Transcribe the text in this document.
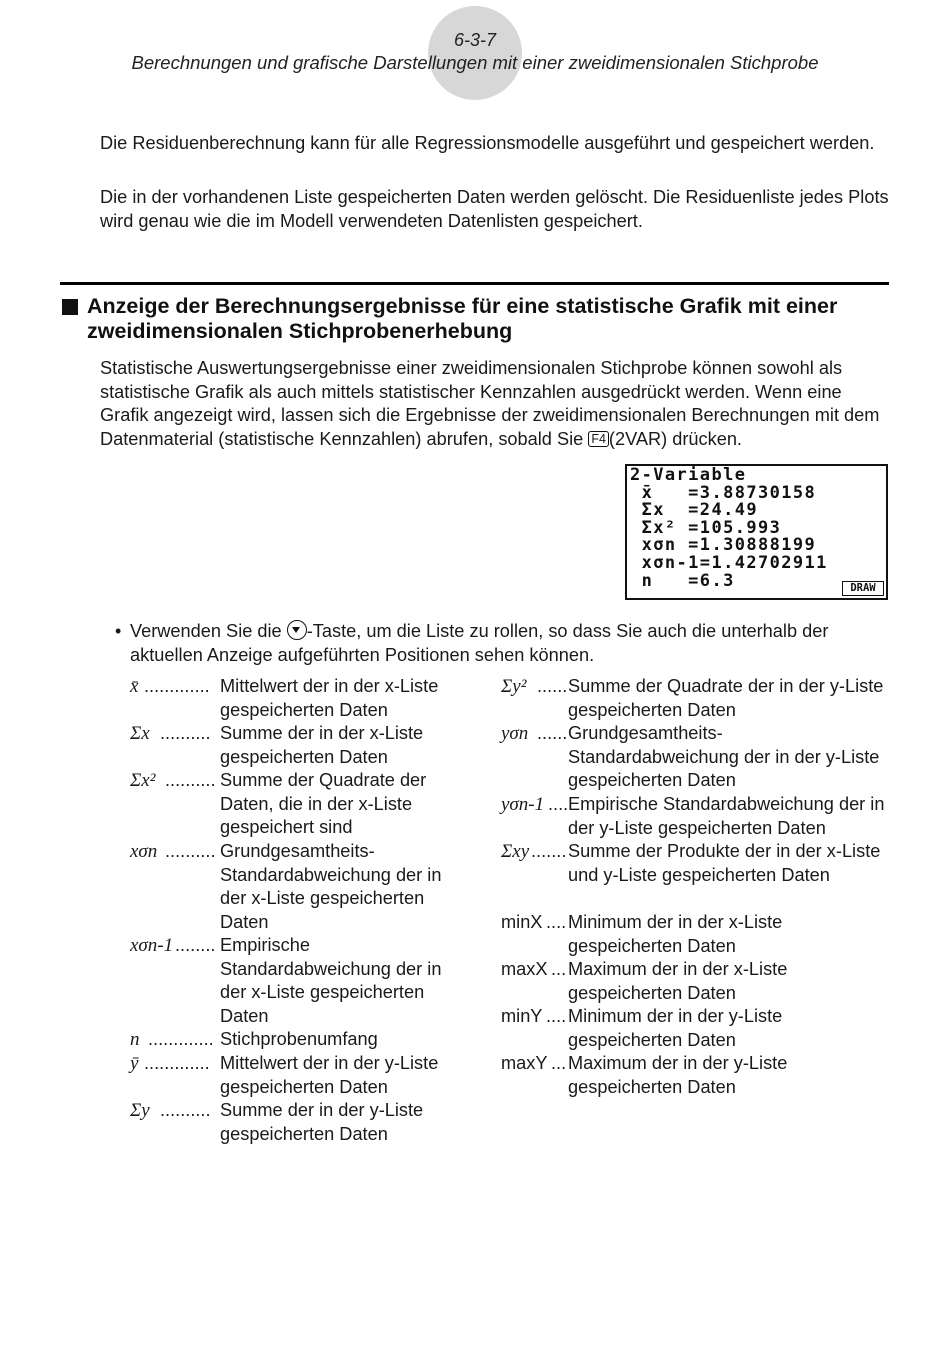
6-3-7
Berechnungen und grafische Darstellungen mit einer zweidimensionalen Stichprobe

Die Residuenberechnung kann für alle Regressionsmodelle ausgeführt und gespeichert werden.

Die in der vorhandenen Liste gespeicherten Daten werden gelöscht. Die Residuenliste jedes Plots wird genau wie die im Modell verwendeten Datenlisten gespeichert.

Anzeige der Berechnungsergebnisse für eine statistische Grafik mit einer zweidimensionalen Stichprobenerhebung

Statistische Auswertungsergebnisse einer zweidimensionalen Stichprobe können sowohl als statistische Grafik als auch mittels statistischer Kennzahlen ausgedrückt werden. Wenn eine Grafik angezeigt wird, lassen sich die Ergebnisse der zweidimensionalen Berechnungen mit dem Datenmaterial (statistische Kennzahlen) abrufen, sobald Sie F4 (2VAR) drücken.

2-Variable
x̄   =3.88730158
Σx  =24.49
Σx² =105.993
xσn =1.30888199
xσn-1=1.42702911
n   =6.3	DRAW
• Verwenden Sie die -Taste, um die Liste zu rollen, so dass Sie auch die unterhalb der aktuellen Anzeige aufgeführten Positionen sehen können.

x̄ ............. Mittelwert der in der x-Liste gespeicherten Daten

Σx .......... Summe der in der x-Liste gespeicherten Daten

Σx² .......... Summe der Quadrate der Daten, die in der x-Liste gespeichert sind

xσn .......... Grundgesamtheits-Standardabweichung der in der x-Liste gespeicherten Daten

xσn-1 ........ Empirische Standardabweichung der in der x-Liste gespeicherten Daten

n ............. Stichprobenumfang

ȳ ............. Mittelwert der in der y-Liste gespeicherten Daten

Σy .......... Summe der in der y-Liste gespeicherten Daten

Σy² ...... Summe der Quadrate der in der y-Liste gespeicherten Daten

yσn ...... Grundgesamtheits-Standardabweichung der in der y-Liste gespeicherten Daten

yσn-1 .... Empirische Standardabweichung der in der y-Liste gespeicherten Daten

Σxy ....... Summe der Produkte der in der x-Liste und y-Liste gespeicherten Daten

minX .... Minimum der in der x-Liste gespeicherten Daten

maxX ... Maximum der in der x-Liste gespeicherten Daten

minY .... Minimum der in der y-Liste gespeicherten Daten

maxY ... Maximum der in der y-Liste gespeicherten Daten
